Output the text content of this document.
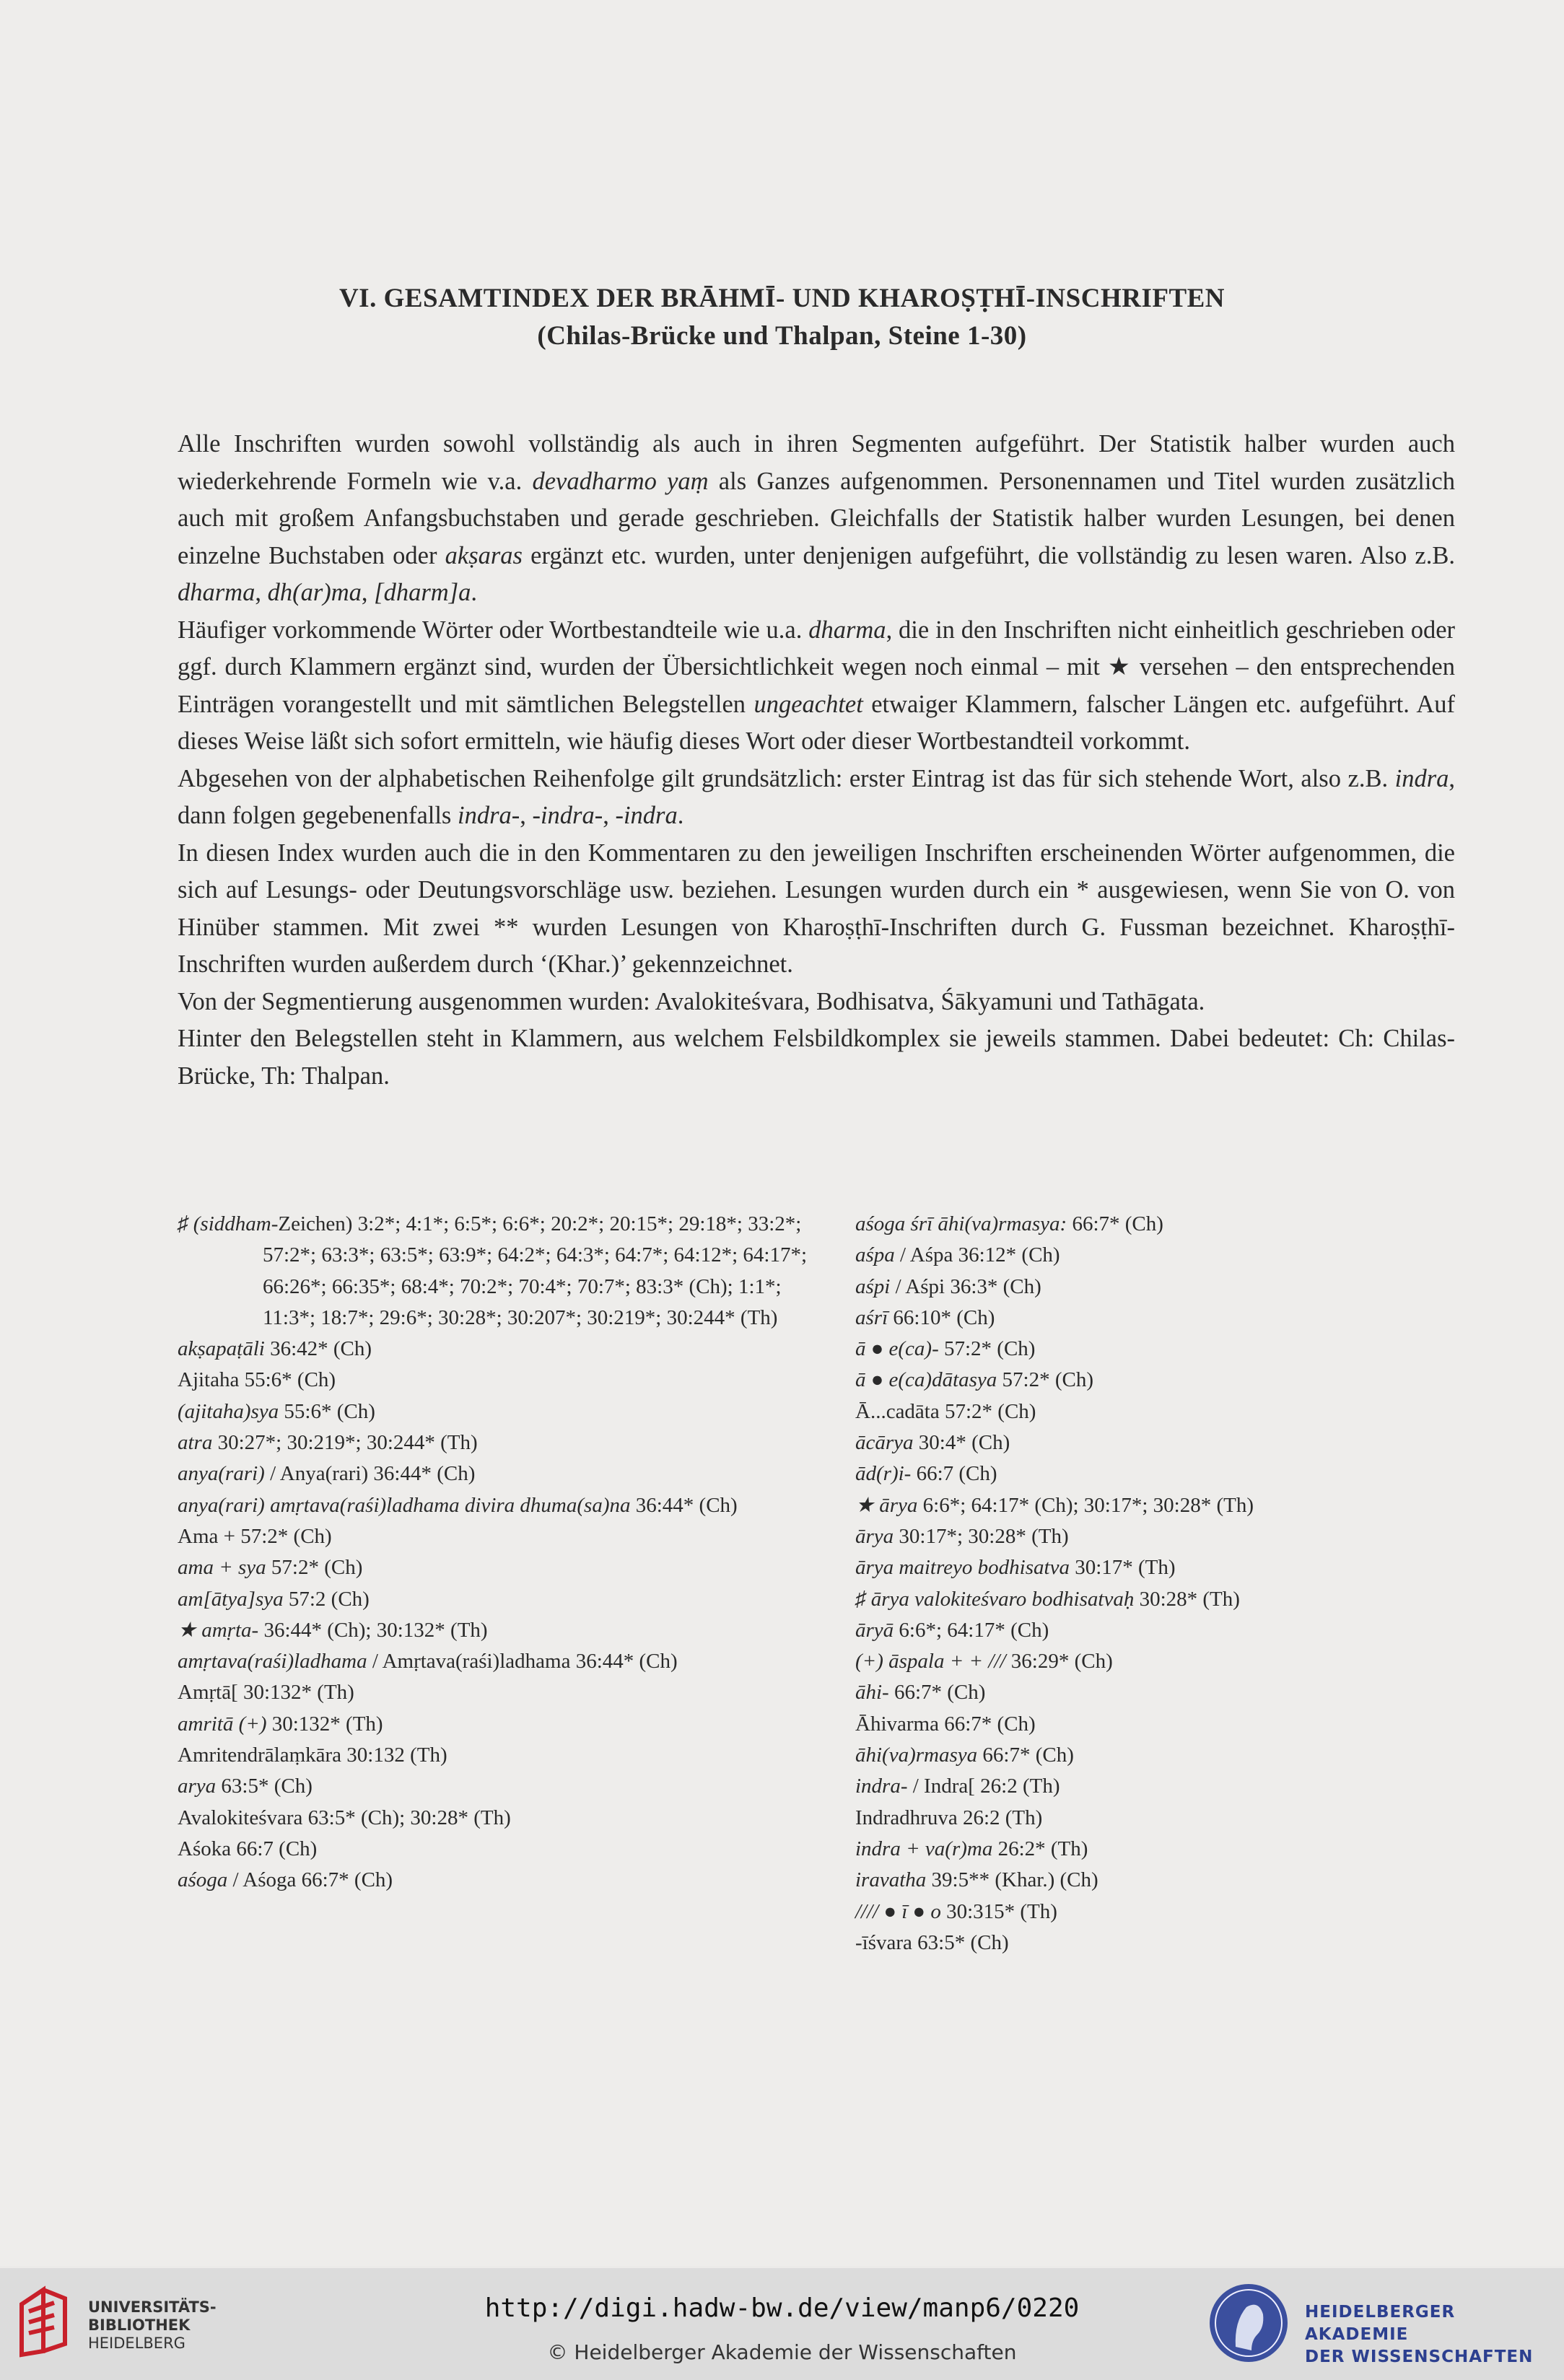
VI. GESAMTINDEX DER BRĀHMĪ- UND KHAROṢṬHĪ-INSCHRIFTEN
(Chilas-Brücke und Thalpan, Steine 1-30)

Alle Inschriften wurden sowohl vollständig als auch in ihren Segmenten aufgeführt. Der Statistik halber wurden auch wiederkehrende Formeln wie v.a. devadharmo yaṃ als Ganzes aufgenommen. Personennamen und Titel wurden zusätzlich auch mit großem Anfangsbuchstaben und gerade geschrieben. Gleichfalls der Statistik halber wurden Lesungen, bei denen einzelne Buchstaben oder akṣaras ergänzt etc. wurden, unter denjenigen aufgeführt, die vollständig zu lesen waren. Also z.B. dharma, dh(ar)ma, [dharm]a.

Häufiger vorkommende Wörter oder Wortbestandteile wie u.a. dharma, die in den Inschriften nicht einheitlich geschrieben oder ggf. durch Klammern ergänzt sind, wurden der Übersichtlichkeit wegen noch einmal – mit ★ versehen – den entsprechenden Einträgen vorangestellt und mit sämtlichen Belegstellen ungeachtet etwaiger Klammern, falscher Längen etc. aufgeführt. Auf dieses Weise läßt sich sofort ermitteln, wie häufig dieses Wort oder dieser Wortbestandteil vorkommt.

Abgesehen von der alphabetischen Reihenfolge gilt grundsätzlich: erster Eintrag ist das für sich stehende Wort, also z.B. indra, dann folgen gegebenenfalls indra-, -indra-, -indra.

In diesen Index wurden auch die in den Kommentaren zu den jeweiligen Inschriften erscheinenden Wörter aufgenommen, die sich auf Lesungs- oder Deutungsvorschläge usw. beziehen. Lesungen wurden durch ein * ausgewiesen, wenn Sie von O. von Hinüber stammen. Mit zwei ** wurden Lesungen von Kharoṣṭhī-Inschriften durch G. Fussman bezeichnet. Kharoṣṭhī-Inschriften wurden außerdem durch ‘(Khar.)’ gekennzeichnet.

Von der Segmentierung ausgenommen wurden: Avalokiteśvara, Bodhisatva, Śākyamuni und Tathāgata.

Hinter den Belegstellen steht in Klammern, aus welchem Felsbildkomplex sie jeweils stammen. Dabei bedeutet: Ch: Chilas-Brücke, Th: Thalpan.

♯ (siddham-Zeichen) 3:2*; 4:1*; 6:5*; 6:6*; 20:2*; 20:15*; 29:18*; 33:2*; 57:2*; 63:3*; 63:5*; 63:9*; 64:2*; 64:3*; 64:7*; 64:12*; 64:17*; 66:26*; 66:35*; 68:4*; 70:2*; 70:4*; 70:7*; 83:3* (Ch); 1:1*; 11:3*; 18:7*; 29:6*; 30:28*; 30:207*; 30:219*; 30:244* (Th)
akṣapaṭāli 36:42* (Ch)
Ajitaha 55:6* (Ch)
(ajitaha)sya 55:6* (Ch)
atra 30:27*; 30:219*; 30:244* (Th)
anya(rari) / Anya(rari) 36:44* (Ch)
anya(rari) amṛtava(raśi)ladhama divira dhuma(sa)na 36:44* (Ch)
Ama + 57:2* (Ch)
ama + sya 57:2* (Ch)
am[ātya]sya 57:2 (Ch)
★ amṛta- 36:44* (Ch); 30:132* (Th)
amṛtava(raśi)ladhama / Amṛtava(raśi)ladhama 36:44* (Ch)
Amṛtā[ 30:132* (Th)
amritā (+) 30:132* (Th)
Amritendrālaṃkāra 30:132 (Th)
arya 63:5* (Ch)
Avalokiteśvara 63:5* (Ch); 30:28* (Th)
Aśoka 66:7 (Ch)
aśoga / Aśoga 66:7* (Ch)
aśoga śrī āhi(va)rmasya: 66:7* (Ch)
aśpa / Aśpa 36:12* (Ch)
aśpi / Aśpi 36:3* (Ch)
aśrī 66:10* (Ch)
ā ● e(ca)- 57:2* (Ch)
ā ● e(ca)dātasya 57:2* (Ch)
Ā...cadāta 57:2* (Ch)
ācārya 30:4* (Ch)
ād(r)i- 66:7 (Ch)
★ ārya 6:6*; 64:17* (Ch); 30:17*; 30:28* (Th)
ārya 30:17*; 30:28* (Th)
ārya maitreyo bodhisatva 30:17* (Th)
♯ ārya valokiteśvaro bodhisatvaḥ 30:28* (Th)
āryā 6:6*; 64:17* (Ch)
(+) āspala + + /// 36:29* (Ch)
āhi- 66:7* (Ch)
Āhivarma 66:7* (Ch)
āhi(va)rmasya 66:7* (Ch)
indra- / Indra[ 26:2 (Th)
Indradhruva 26:2 (Th)
indra + va(r)ma 26:2* (Th)
iravatha 39:5** (Khar.) (Ch)
//// ● ī ● o 30:315* (Th)
-īśvara 63:5* (Ch)
UNIVERSITÄTS-
BIBLIOTHEK
HEIDELBERG
http://digi.hadw-bw.de/view/manp6/0220
© Heidelberger Akademie der Wissenschaften
HEIDELBERGER AKADEMIE
DER WISSENSCHAFTEN
